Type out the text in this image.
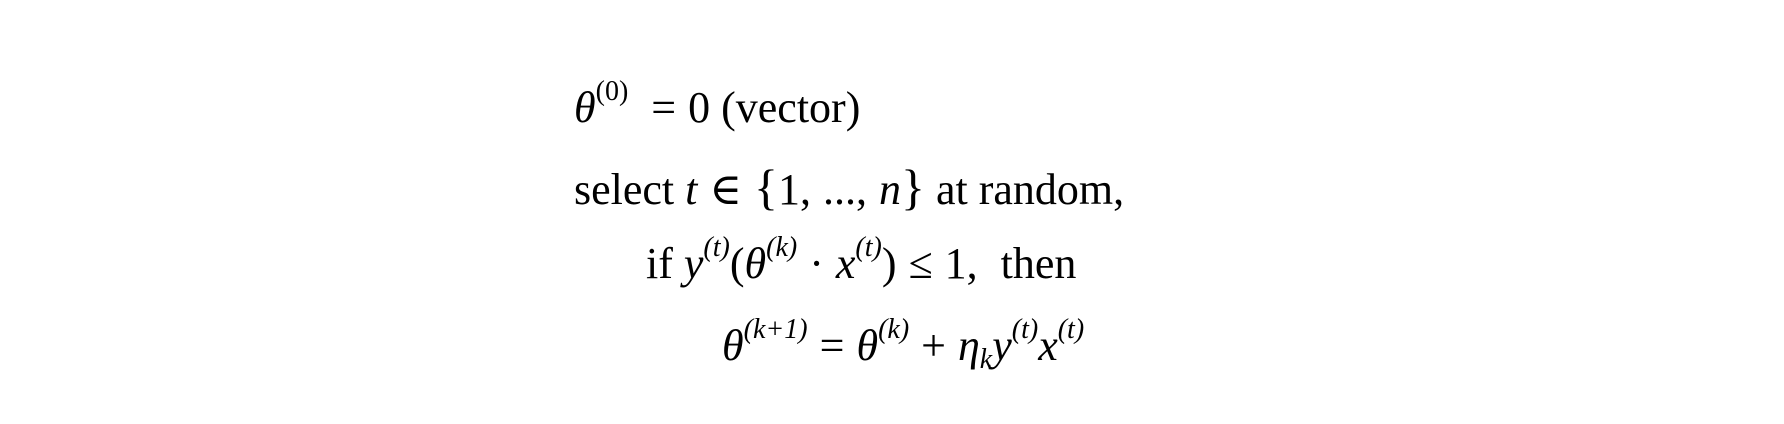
$\theta^{(0)} = 0$ (vector)
select t ∈ {1, ..., n} at random,
if $y^{(t)}(\theta^{(k)} \cdot x^{(t)}) \le 1$, then
$\theta^{(k+1)} = \theta^{(k)} + \eta_ky^{(t)}x^{(t)}$
